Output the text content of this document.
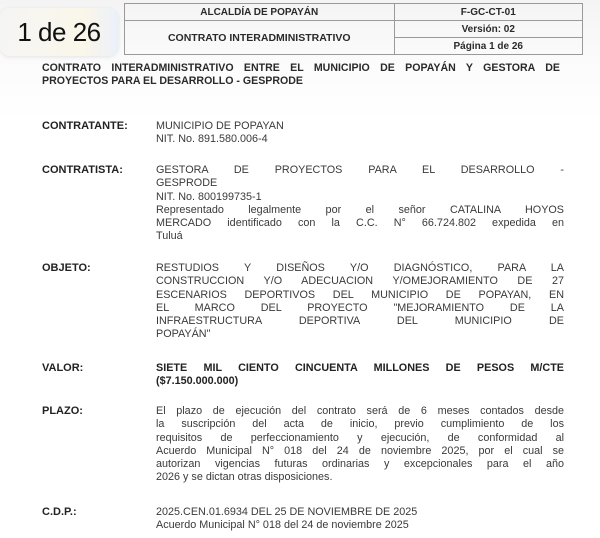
ALCALDÍA DE POPAYÁN	F-GC-CT-01
CONTRATO INTERADMINISTRATIVO	Versión: 02
	Página 1 de 26
1 de 26
CONTRATO INTERADMINISTRATIVO ENTRE EL MUNICIPIO DE POPAYÁN Y GESTORA DE PROYECTOS PARA EL DESARROLLO - GESPRODE
CONTRATANTE:	MUNICIPIO DE POPAYAN
NIT. No. 891.580.006-4
CONTRATISTA:	GESTORA DE PROYECTOS PARA EL DESARROLLO -
GESPRODE
NIT. No. 800199735-1
Representado legalmente por el señor CATALINA HOYOS
MERCADO identificado con la C.C. N° 66.724.802 expedida en
Tuluá
OBJETO:	RESTUDIOS Y DISEÑOS Y/O DIAGNÓSTICO, PARA LA
CONSTRUCCION Y/O ADECUACION Y/OMEJORAMIENTO DE 27
ESCENARIOS DEPORTIVOS DEL MUNICIPIO DE POPAYAN, EN
EL MARCO DEL PROYECTO "MEJORAMIENTO DE LA
INFRAESTRUCTURA DEPORTIVA DEL MUNICIPIO DE
POPAYÁN"
VALOR:	SIETE MIL CIENTO CINCUENTA MILLONES DE PESOS M/CTE
($7.150.000.000)
PLAZO:	El plazo de ejecución del contrato será de 6 meses contados desde
la suscripción del acta de inicio, previo cumplimiento de los
requisitos de perfeccionamiento y ejecución, de conformidad al
Acuerdo Municipal N° 018 del 24 de noviembre 2025, por el cual se
autorizan vigencias futuras ordinarias y excepcionales para el año
2026 y se dictan otras disposiciones.
C.D.P.:	2025.CEN.01.6934 DEL 25 DE NOVIEMBRE DE 2025
Acuerdo Municipal N° 018 del 24 de noviembre 2025
